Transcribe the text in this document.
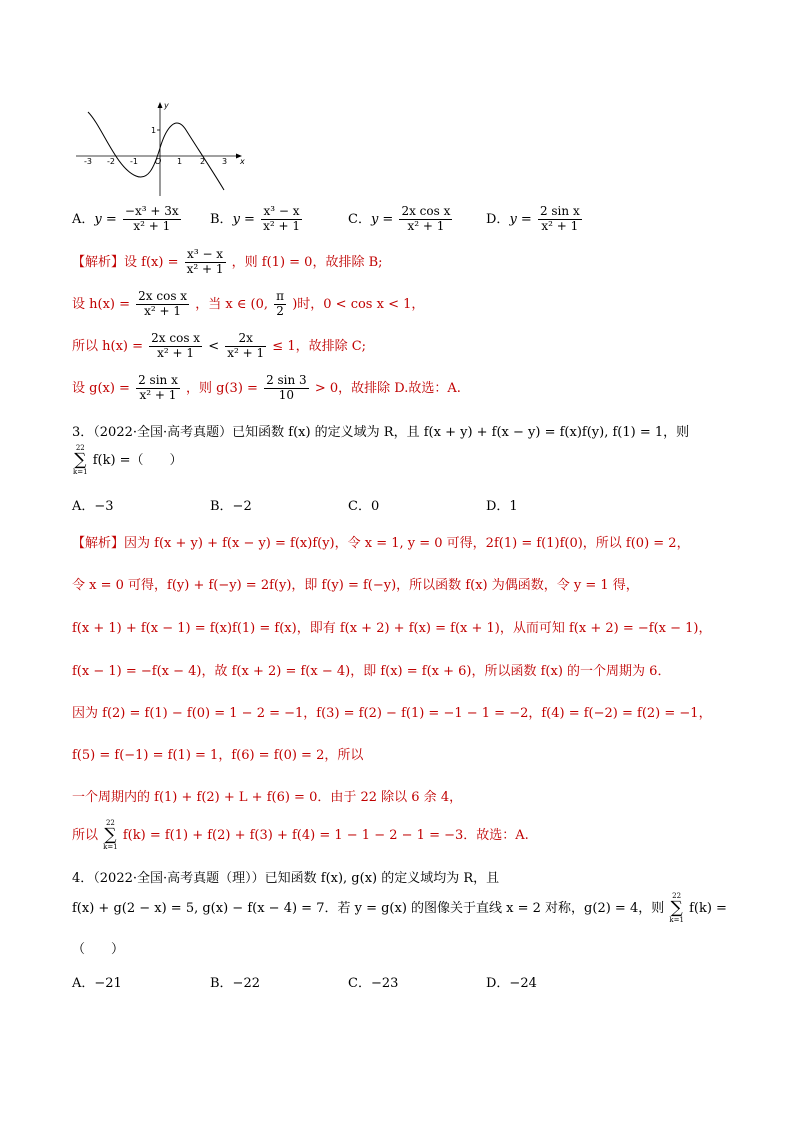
-3 -2 -1 O 1 2 3 x
y
1
A．$y = \frac{\text{−x³ + 3x}}{\text{x² + 1}}$ B．$y = \frac{\text{x³ − x}}{\text{x² + 1}}$	C．$y = \frac{\text{2x cos x}}{\text{x² + 1}}$	D．$y = \frac{\text{2 sin x}}{\text{x² + 1}}$
【解析】设 $f(x) = \frac{\text{x³ − x}}{\text{x² + 1}}$ ，则 f(1) = 0，故排除 B;
设 $h(x) = \frac{\text{2x cos x}}{\text{x² + 1}}$ ，当 x ∈ (0, $\frac{\pi}{2}$ )时，0 < cos x < 1，
所以 $h(x) = \frac{\text{2x cos x}}{\text{x² + 1}} < \frac{2x}{\text{x² + 1}} \le 1$，故排除 C;
设 $g(x) = \frac{\text{2 sin x}}{\text{x² + 1}}$ ，则 $g(3) = \frac{2 \sin 3}{10} > 0$，故排除 D.故选：A.
3．（2022·全国·高考真题）已知函数 f(x) 的定义域为 R，且 f(x + y) + f(x − y) = f(x)f(y), f(1) = 1，则
22
∑
k=1
f(k) =（　　）
A．−3	B．−2	C．0	D．1
【解析】因为 f(x + y) + f(x − y) = f(x)f(y)，令 x = 1, y = 0 可得，2f(1) = f(1)f(0)，所以 f(0) = 2，
令 x = 0 可得，f(y) + f(−y) = 2f(y)，即 f(y) = f(−y)，所以函数 f(x) 为偶函数，令 y = 1 得，
f(x + 1) + f(x − 1) = f(x)f(1) = f(x)，即有 f(x + 2) + f(x) = f(x + 1)，从而可知 f(x + 2) = −f(x − 1)，
f(x − 1) = −f(x − 4)，故 f(x + 2) = f(x − 4)，即 f(x) = f(x + 6)，所以函数 f(x) 的一个周期为 6．
因为 f(2) = f(1) − f(0) = 1 − 2 = −1，f(3) = f(2) − f(1) = −1 − 1 = −2，f(4) = f(−2) = f(2) = −1，
f(5) = f(−1) = f(1) = 1，f(6) = f(0) = 2，所以
一个周期内的 f(1) + f(2) + L + f(6) = 0．由于 22 除以 6 余 4，
所以
22
∑
k=1
f(k) = f(1) + f(2) + f(3) + f(4) = 1 − 1 − 2 − 1 = −3．故选：A.
4．（2022·全国·高考真题（理））已知函数 f(x), g(x) 的定义域均为 R，且
f(x) + g(2 − x) = 5, g(x) − f(x − 4) = 7．若 y = g(x) 的图像关于直线 x = 2 对称，g(2) = 4，则
22
∑
k=1
f(k) =
（　　）
A．−21	B．−22	C．−23	D．−24
